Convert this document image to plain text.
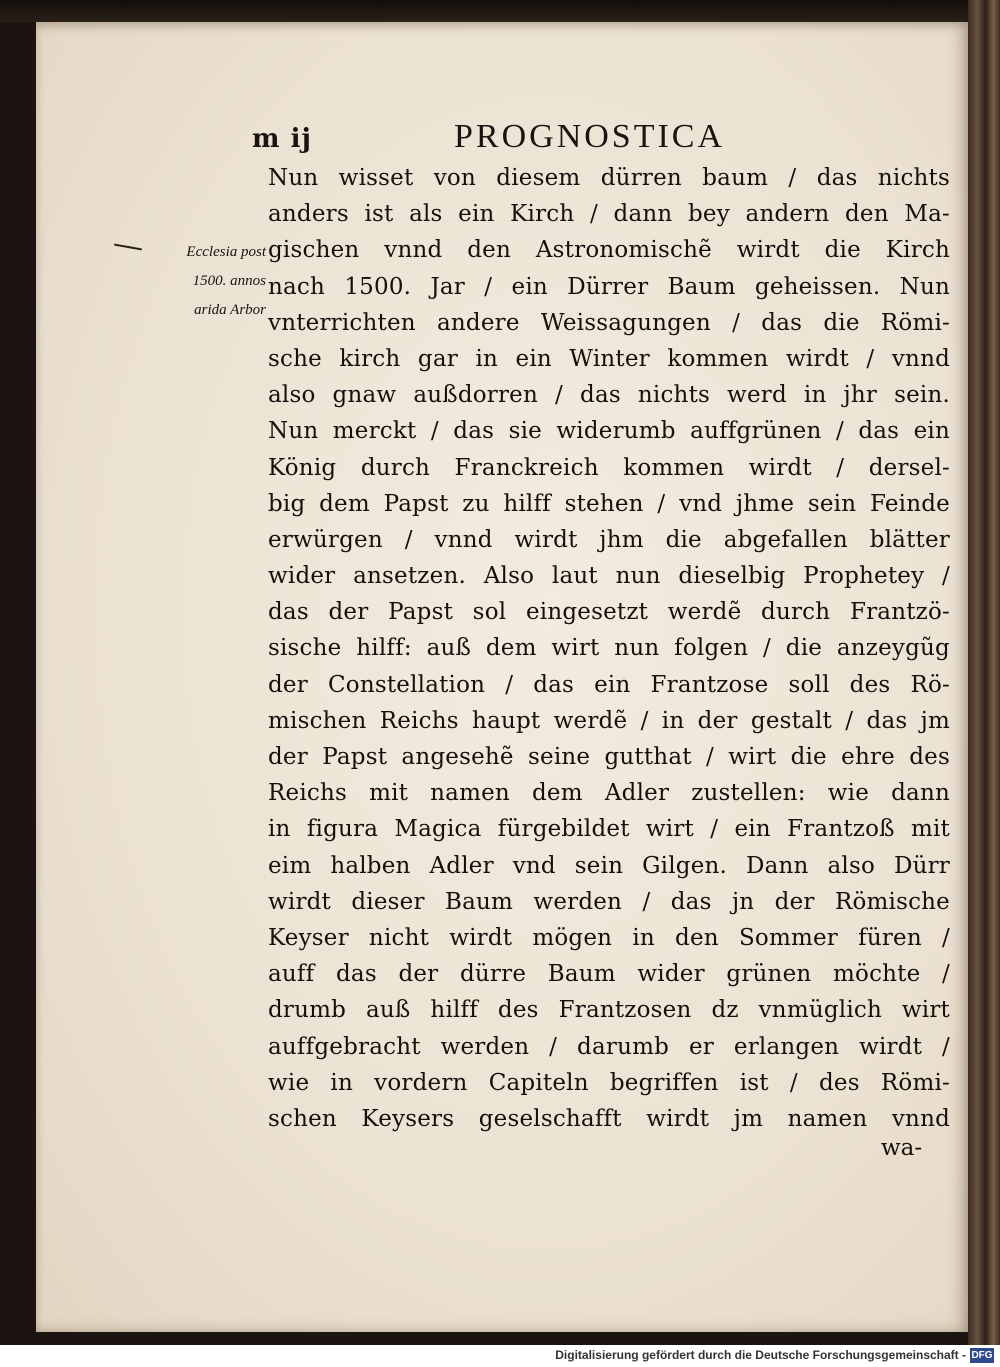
m ij	PROGNOSTICA
Ecclesia post
1500. annos
arida Arbor
Nun wisset von diesem dürren baum / das nichts
anders ist als ein Kirch / dann bey andern den Ma-
gischen vnnd den Astronomischẽ wirdt die Kirch
nach 1500. Jar / ein Dürrer Baum geheissen. Nun
vnterrichten andere Weissagungen / das die Römi-
sche kirch gar in ein Winter kommen wirdt / vnnd
also gnaw außdorren / das nichts werd in jhr sein.
Nun merckt / das sie widerumb auffgrünen / das ein
König durch Franckreich kommen wirdt / dersel-
big dem Papst zu hilff stehen / vnd jhme sein Feinde
erwürgen / vnnd wirdt jhm die abgefallen blätter
wider ansetzen. Also laut nun dieselbig Prophetey /
das der Papst sol eingesetzt werdẽ durch Frantzö-
sische hilff: auß dem wirt nun folgen / die anzeygũg
der Constellation / das ein Frantzose soll des Rö-
mischen Reichs haupt werdẽ / in der gestalt / das jm
der Papst angesehẽ seine gutthat / wirt die ehre des
Reichs mit namen dem Adler zustellen: wie dann
in figura Magica fürgebildet wirt / ein Frantzoß mit
eim halben Adler vnd sein Gilgen. Dann also Dürr
wirdt dieser Baum werden / das jn der Römische
Keyser nicht wirdt mögen in den Sommer füren /
auff das der dürre Baum wider grünen möchte /
drumb auß hilff des Frantzosen dz vnmüglich wirt
auffgebracht werden / darumb er erlangen wirdt /
wie in vordern Capiteln begriffen ist / des Römi-
schen Keysers geselschafft wirdt jm namen vnnd
wa-
Digitalisierung gefördert durch die Deutsche Forschungsgemeinschaft - DFG
